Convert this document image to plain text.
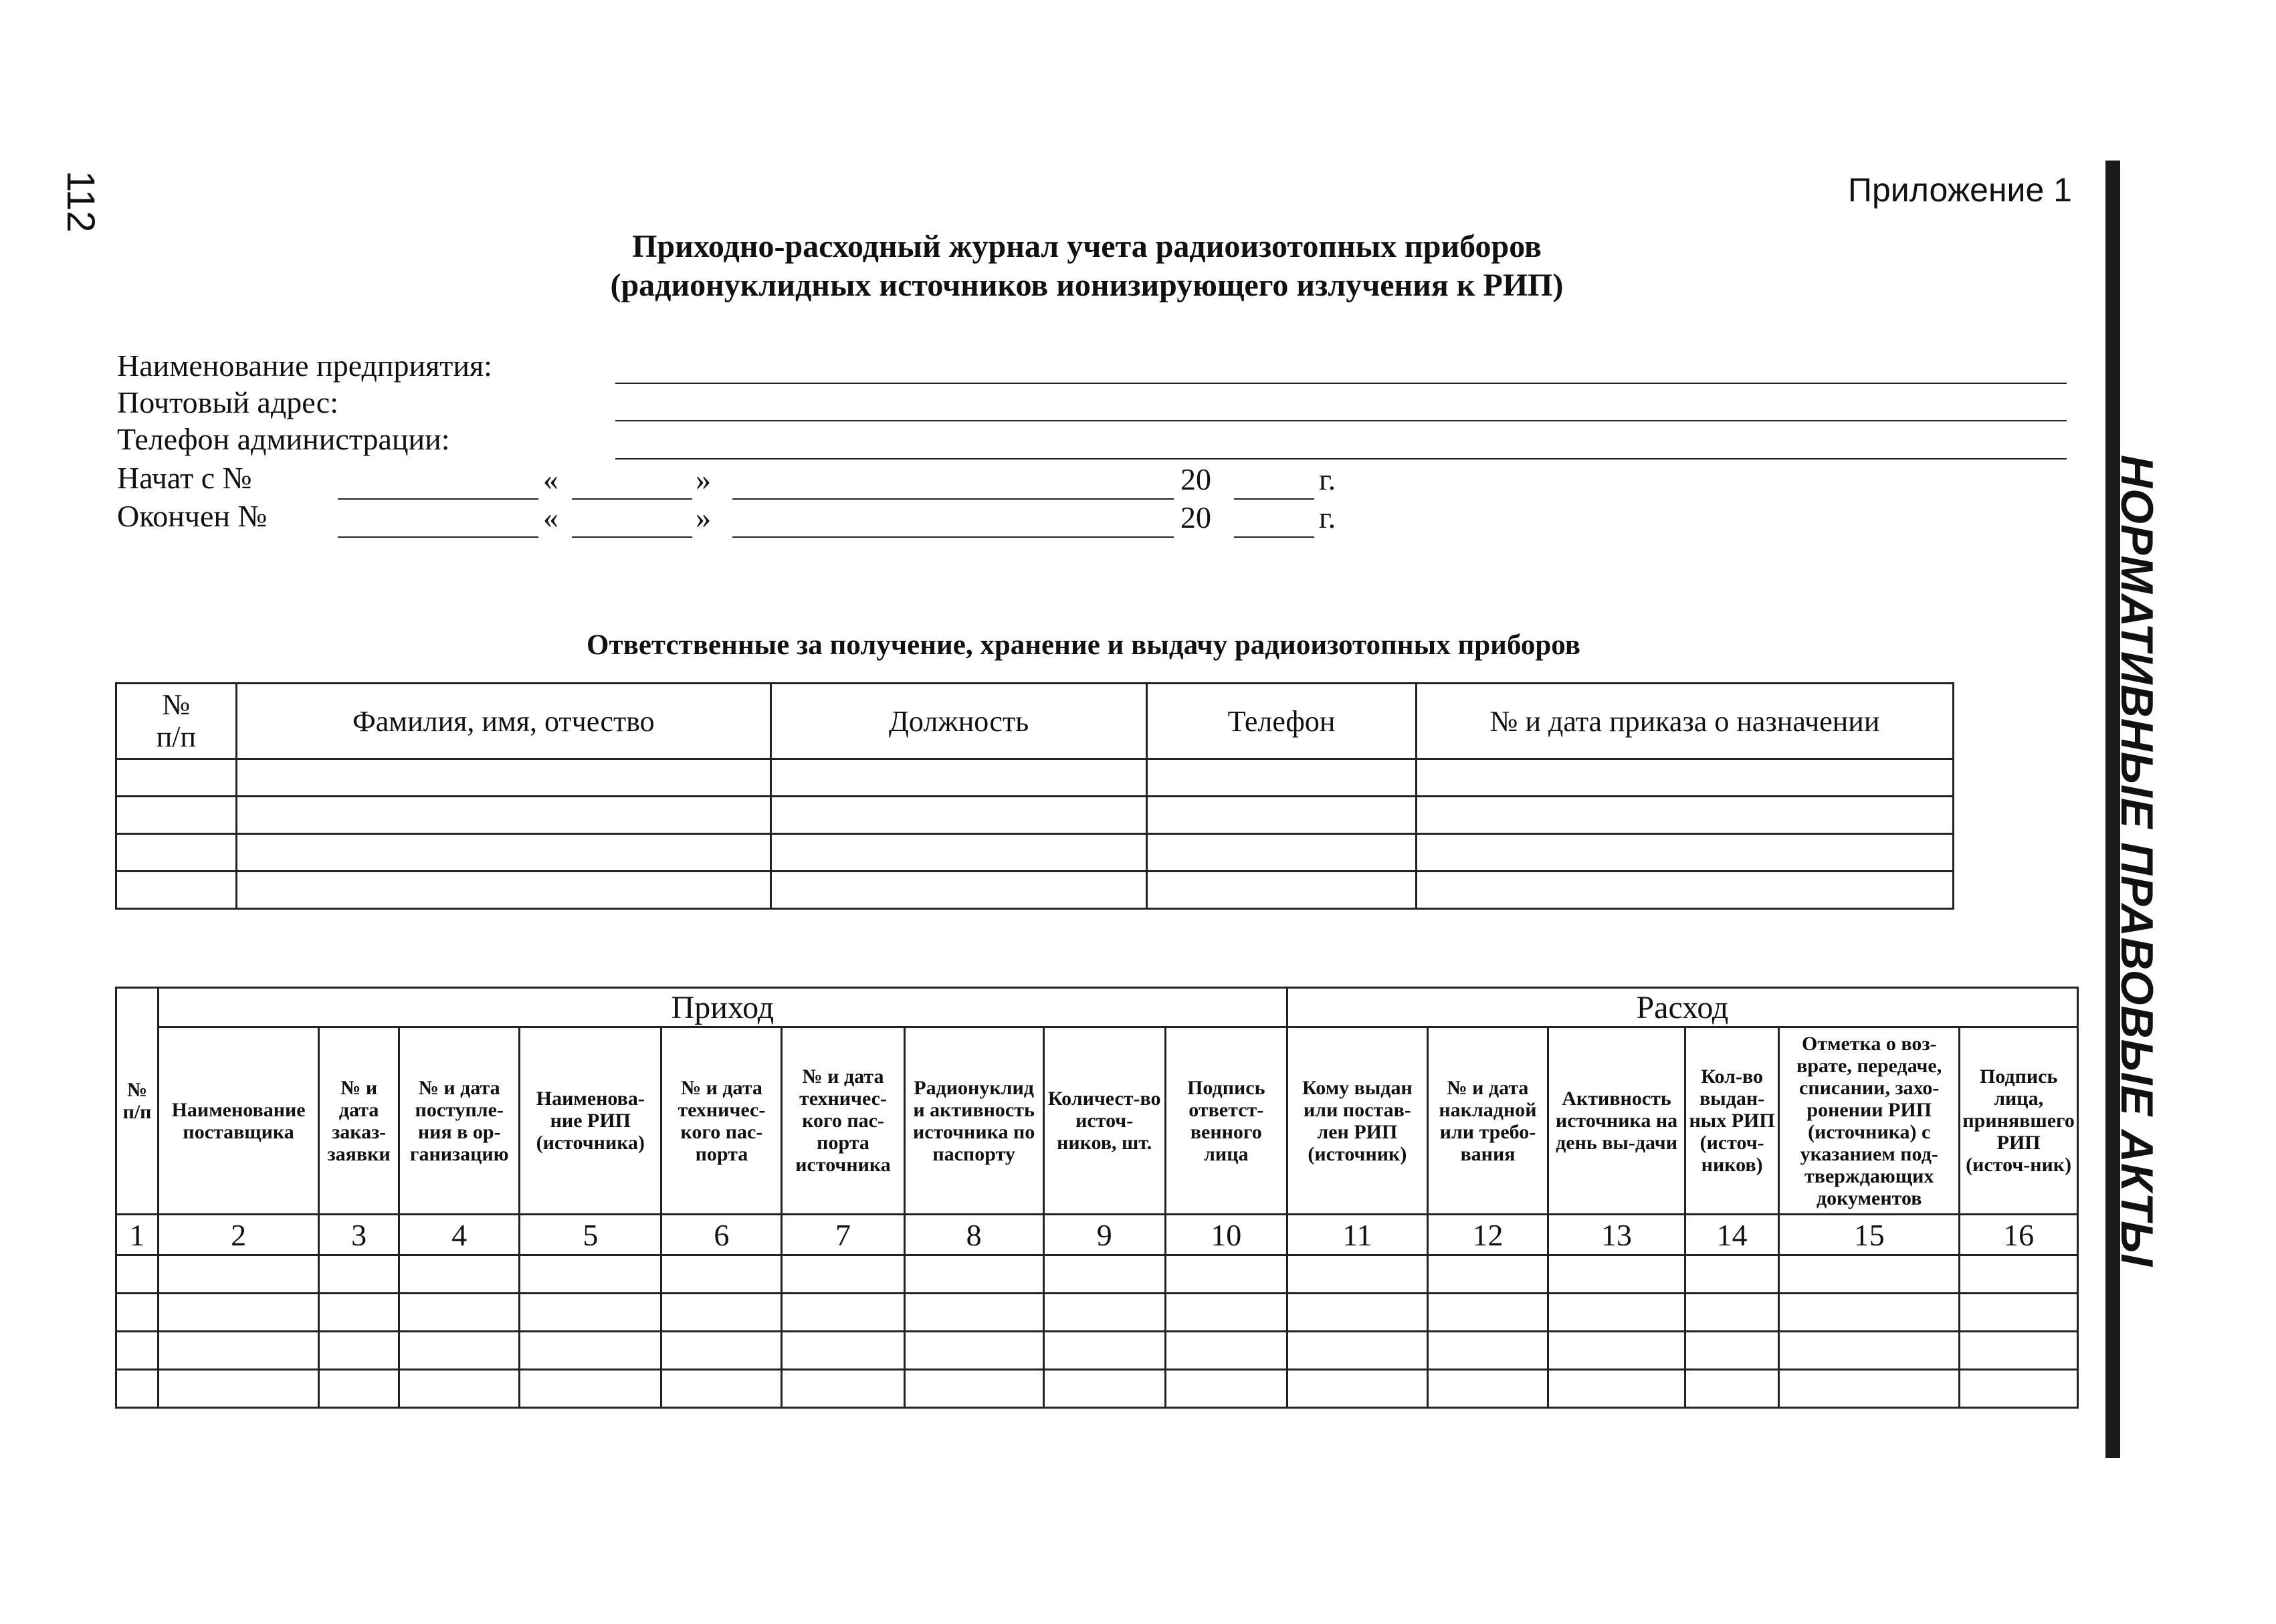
112	Приложение 1
НОРМАТИВНЫЕ ПРАВОВЫЕ АКТЫ
Приходно-расходный журнал учета радиоизотопных приборов
(радионуклидных источников ионизирующего излучения к РИП)
Наименование предприятия:
Почтовый адрес:
Телефон администрации:
Начат с №	«	»	20	г.
Окончен №	«	»	20	г.
Ответственные за получение, хранение и выдачу радиоизотопных приборов
№
п/п	Фамилия, имя, отчество	Должность	Телефон	№ и дата приказа о назначении

№ п/п	Приход									Расход					
	Наименование поставщика	№ и дата заказ-заявки	№ и дата поступле-ния в ор-ганизацию	Наименова-ние РИП (источника)	№ и дата техничес-кого пас-порта	№ и дата техничес-кого пас-порта источника	Радионуклид и активность источника по паспорту	Количест-во источ-ников, шт.	Подпись ответст-венного лица	Кому выдан или постав-лен РИП (источник)	№ и дата накладной или требо-вания	Активность источника на день вы-дачи	Кол-во выдан-ных РИП (источ-ников)	Отметка о воз-врате, передаче, списании, захо-ронении РИП (источника) с указанием под-тверждающих документов	Подпись лица, принявшего РИП (источ-ник)
1	2	3	4	5	6	7	8	9	10	11	12	13	14	15	16
